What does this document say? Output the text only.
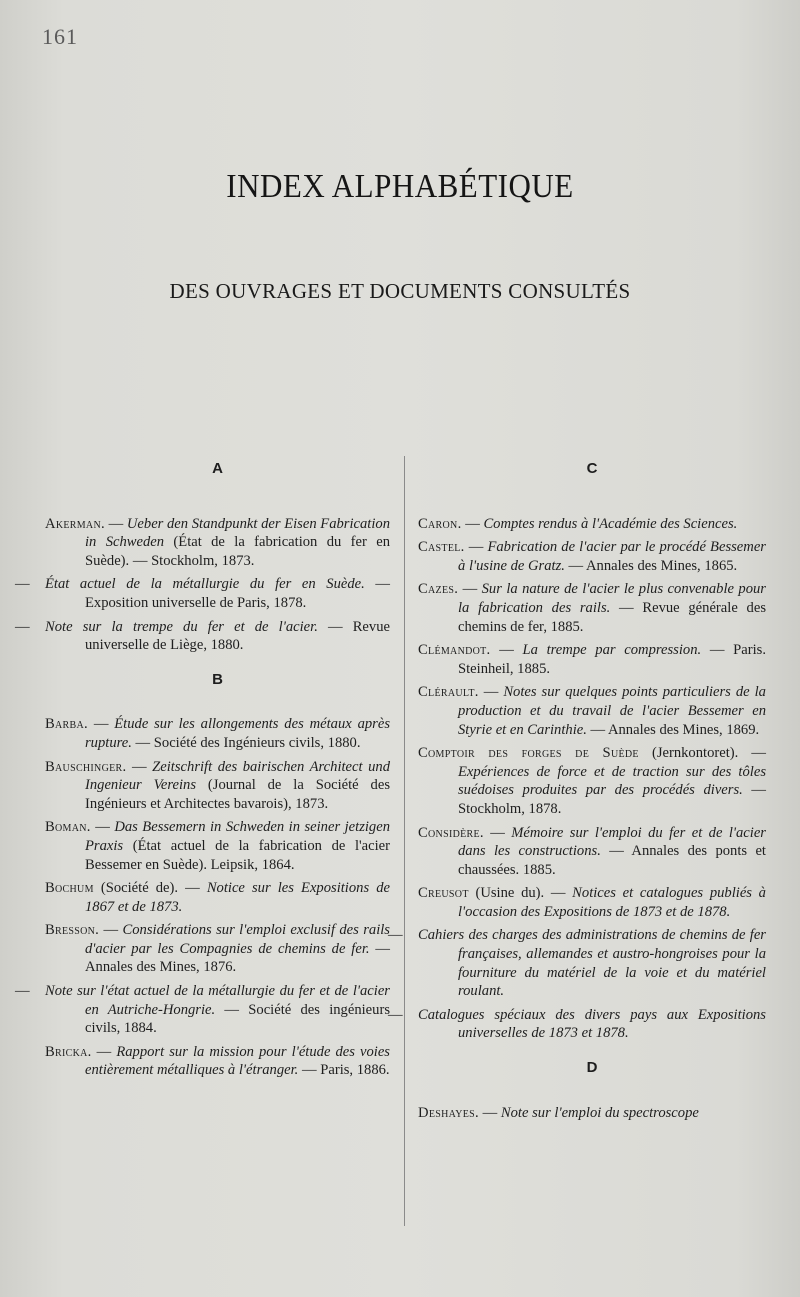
161
INDEX ALPHABÉTIQUE
DES OUVRAGES ET DOCUMENTS CONSULTÉS
A
Akerman. — Ueber den Standpunkt der Eisen Fabrication in Schweden (État de la fabrication du fer en Suède). — Stockholm, 1873.
— État actuel de la métallurgie du fer en Suède. — Exposition universelle de Paris, 1878.
— Note sur la trempe du fer et de l'acier. — Revue universelle de Liège, 1880.
B
Barba. — Étude sur les allongements des métaux après rupture. — Société des Ingénieurs civils, 1880.
Bauschinger. — Zeitschrift des bairischen Architect und Ingenieur Vereins (Journal de la Société des Ingénieurs et Architectes bavarois), 1873.
Boman. — Das Bessemern in Schweden in seiner jetzigen Praxis (État actuel de la fabrication de l'acier Bessemer en Suède). Leipsik, 1864.
Bochum (Société de). — Notice sur les Expositions de 1867 et de 1873.
Bresson. — Considérations sur l'emploi exclusif des rails d'acier par les Compagnies de chemins de fer. — Annales des Mines, 1876.
— Note sur l'état actuel de la métallurgie du fer et de l'acier en Autriche-Hongrie. — Société des ingénieurs civils, 1884.
Bricka. — Rapport sur la mission pour l'étude des voies entièrement métalliques à l'étranger. — Paris, 1886.
C
Caron. — Comptes rendus à l'Académie des Sciences.
Castel. — Fabrication de l'acier par le procédé Bessemer à l'usine de Gratz. — Annales des Mines, 1865.
Cazes. — Sur la nature de l'acier le plus convenable pour la fabrication des rails. — Revue générale des chemins de fer, 1885.
Clémandot. — La trempe par compression. — Paris. Steinheil, 1885.
Clérault. — Notes sur quelques points particuliers de la production et du travail de l'acier Bessemer en Styrie et en Carinthie. — Annales des Mines, 1869.
Comptoir des forges de Suède (Jernkontoret). — Expériences de force et de traction sur des tôles suédoises produites par des procédés divers. — Stockholm, 1878.
Considère. — Mémoire sur l'emploi du fer et de l'acier dans les constructions. — Annales des ponts et chaussées. 1885.
Creusot (Usine du). — Notices et catalogues publiés à l'occasion des Expositions de 1873 et de 1878.
— Cahiers des charges des administrations de chemins de fer françaises, allemandes et austro-hongroises pour la fourniture du matériel de la voie et du matériel roulant.
— Catalogues spéciaux des divers pays aux Expositions universelles de 1873 et 1878.
D
Deshayes. — Note sur l'emploi du spectroscope
